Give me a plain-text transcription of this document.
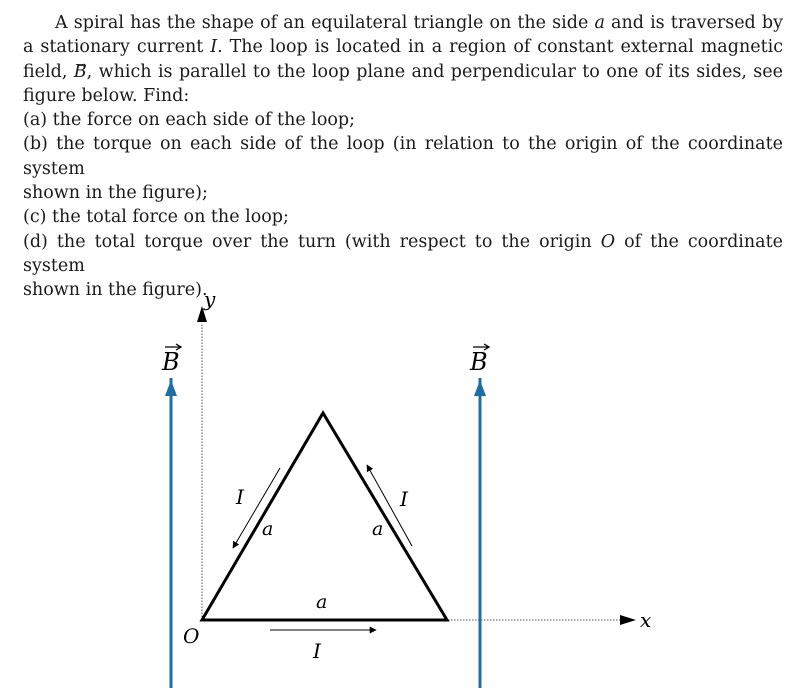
A spiral has the shape of an equilateral triangle on the side a and is traversed by a stationary current I. The loop is located in a region of constant external magnetic field, B⃗, which is parallel to the loop plane and perpendicular to one of its sides, see figure below. Find:

(a) the force on each side of the loop;

(b) the torque on each side of the loop (in relation to the origin of the coordinate system

shown in the figure);

(c) the total force on the loop;

(d) the total torque over the turn (with respect to the origin O of the coordinate system

shown in the figure).

y
x
O
B	B
I	I
I
a	a
a
